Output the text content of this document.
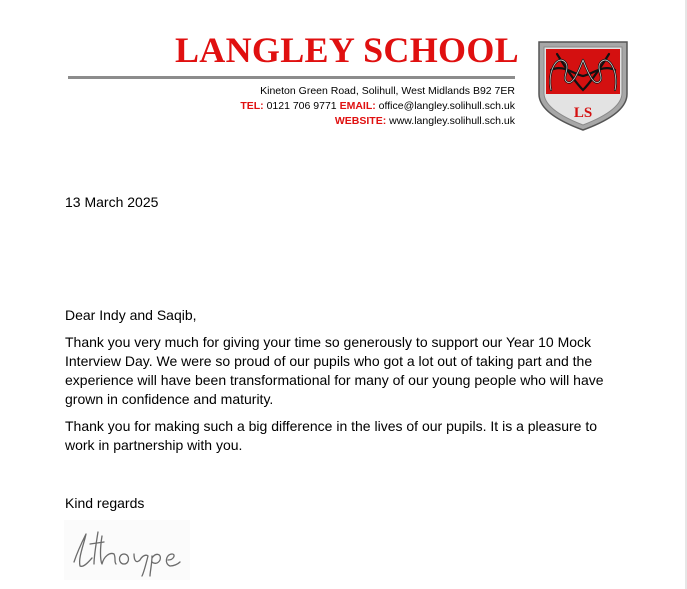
LANGLEY SCHOOL
Kineton Green Road, Solihull, West Midlands B92 7ER
TEL: 0121 706 9771 EMAIL: office@langley.solihull.sch.uk
WEBSITE: www.langley.solihull.sch.uk	LS
13 March 2025
Dear Indy and Saqib,
Thank you very much for giving your time so generously to support our Year 10 Mock Interview Day. We were so proud of our pupils who got a lot out of taking part and the experience will have been transformational for many of our young people who will have grown in confidence and maturity.
Thank you for making such a big difference in the lives of our pupils. It is a pleasure to work in partnership with you.
Kind regards
